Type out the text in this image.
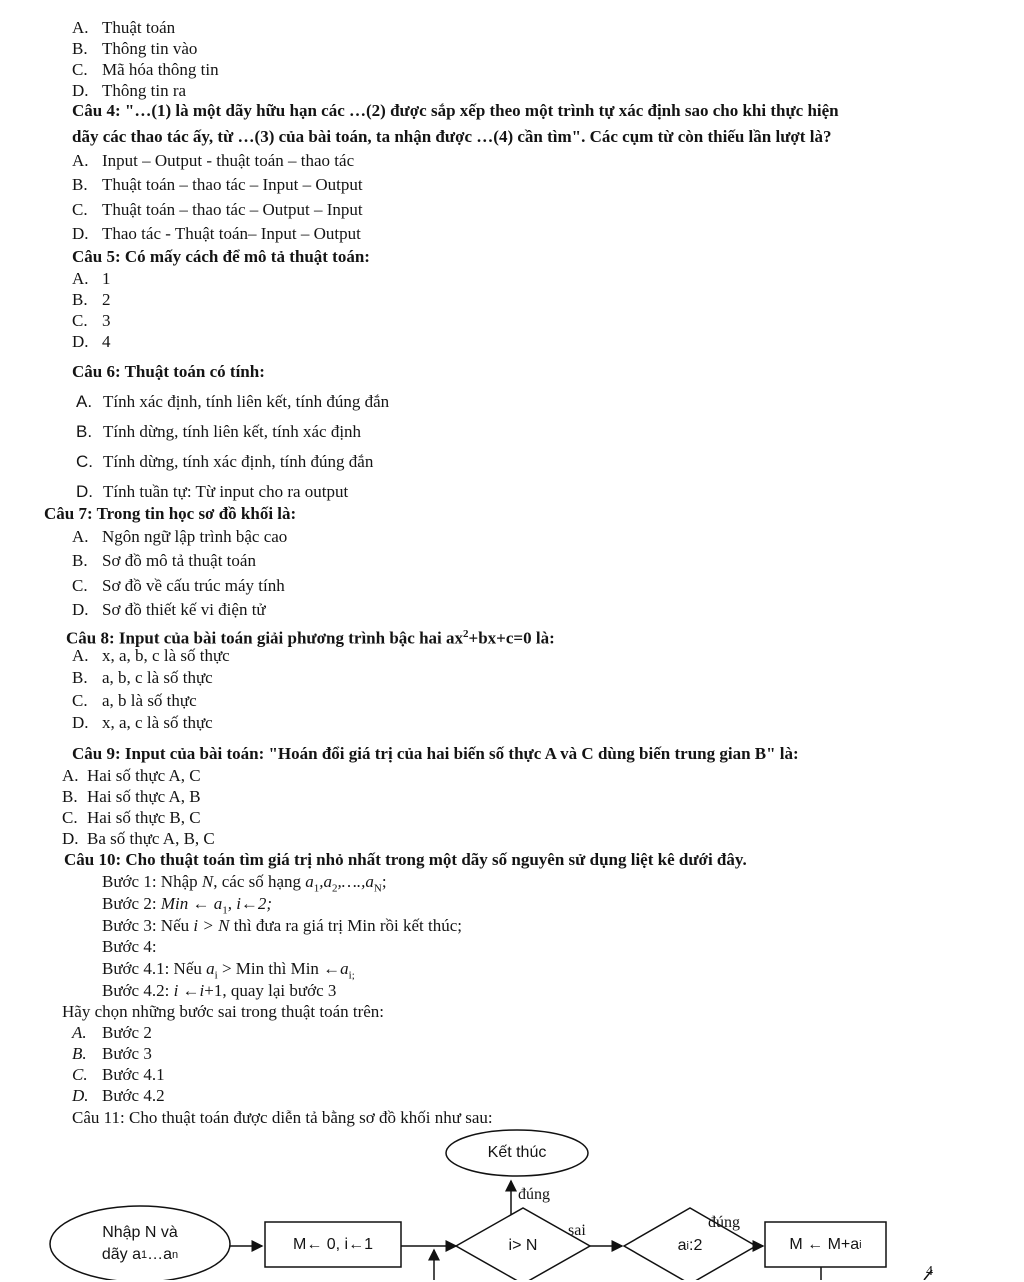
A. Thuật toán
B. Thông tin vào
C. Mã hóa thông tin
D. Thông tin ra
Câu 4: "…(1) là một dãy hữu hạn các …(2) được sắp xếp theo một trình tự xác định sao cho khi thực hiện
dãy các thao tác ấy, từ …(3) của bài toán, ta nhận được …(4) cần tìm". Các cụm từ còn thiếu lần lượt là?
A. Input – Output - thuật toán – thao tác
B. Thuật toán – thao tác – Input – Output
C. Thuật toán – thao tác – Output – Input
D. Thao tác - Thuật toán– Input – Output
Câu 5: Có mấy cách để mô tả thuật toán:
A. 1
B. 2
C. 3
D. 4
Câu 6: Thuật toán có tính:
A. Tính xác định, tính liên kết, tính đúng đắn
B. Tính dừng, tính liên kết, tính xác định
C. Tính dừng, tính xác định, tính đúng đắn
D. Tính tuần tự: Từ input cho ra output
Câu 7: Trong tin học sơ đồ khối là:
A. Ngôn ngữ lập trình bậc cao
B. Sơ đồ mô tả thuật toán
C. Sơ đồ về cấu trúc máy tính
D. Sơ đồ thiết kế vi điện tử
Câu 8: Input của bài toán giải phương trình bậc hai $ax^2+bx+c=0$ là:
A. x, a, b, c là số thực
B. a, b, c là số thực
C. a, b là số thực
D. x, a, c là số thực
Câu 9: Input của bài toán: "Hoán đổi giá trị của hai biến số thực A và C dùng biến trung gian B" là:
A. Hai số thực A, C
B. Hai số thực A, B
C. Hai số thực B, C
D. Ba số thực A, B, C
Câu 10: Cho thuật toán tìm giá trị nhỏ nhất trong một dãy số nguyên sử dụng liệt kê dưới đây.
Bước 1: Nhập N, các số hạng $a_1,a_2,\dots.,a_N$;
Bước 2: Min ← $a_1$, i←2;
Bước 3: Nếu i > N thì đưa ra giá trị Min rồi kết thúc;
Bước 4:
Bước 4.1: Nếu $a_i$ > Min thì Min $\leftarrow a_{i;}$
Bước 4.2: i ←i+1, quay lại bước 3
Hãy chọn những bước sai trong thuật toán trên:
A. Bước 2
B. Bước 3
C. Bước 4.1
D. Bước 4.2
Câu 11: Cho thuật toán được diễn tả bằng sơ đồ khối như sau:
Kết thúc
đúng
Nhập N và
dãy a 1 …a n
M← 0, i←1	i> N
sai
a i :2
đúng
M ← M+a i
4
